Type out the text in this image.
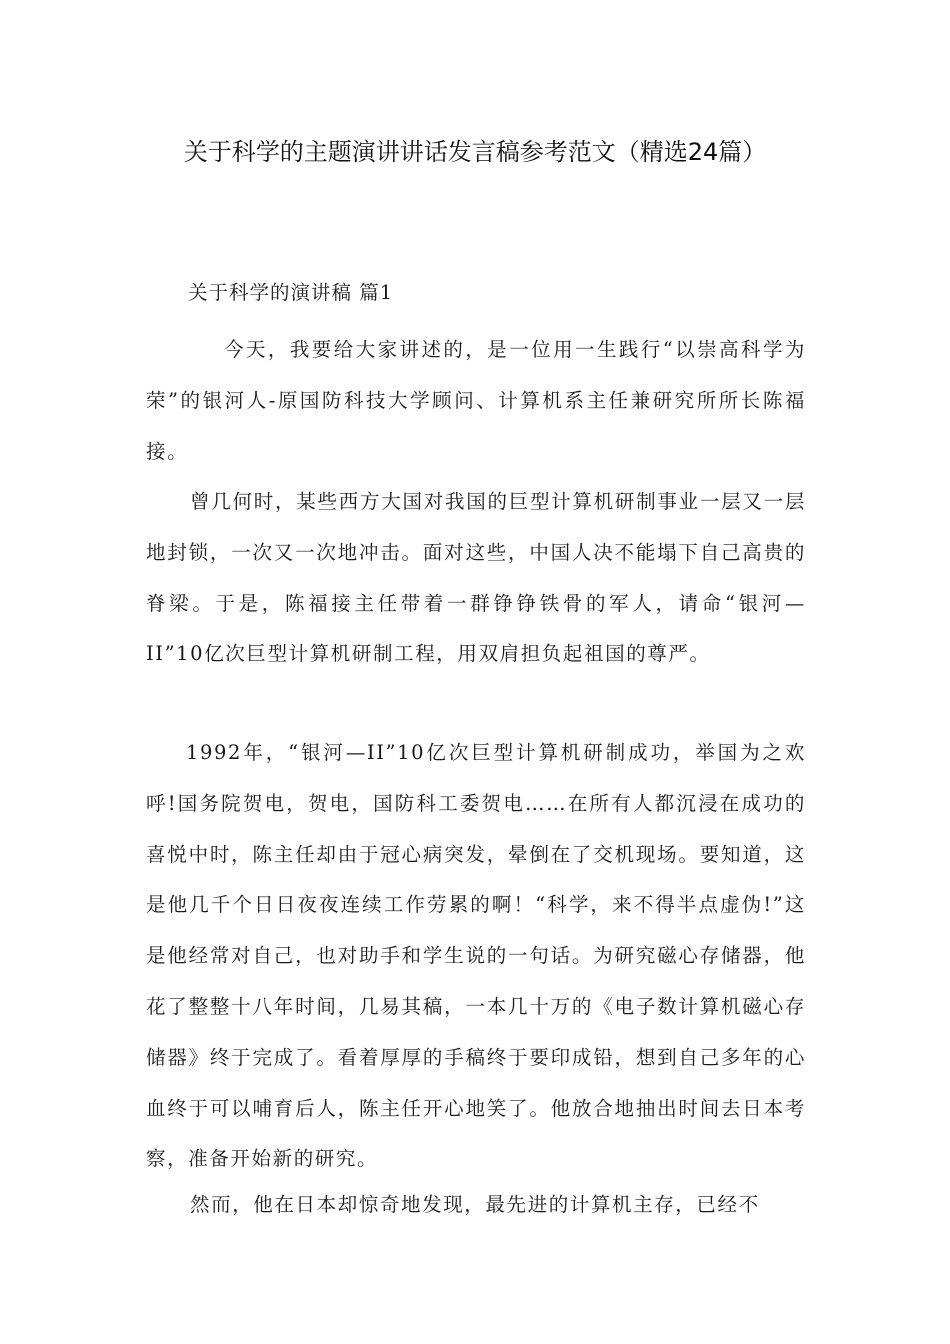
关于科学的主题演讲讲话发言稿参考范文（精选24篇）

关于科学的演讲稿 篇1

今天，我要给大家讲述的，是一位用一生践行“以崇高科学为荣”的银河人-原国防科技大学顾问、计算机系主任兼研究所所长陈福接。

曾几何时，某些西方大国对我国的巨型计算机研制事业一层又一层地封锁，一次又一次地冲击。面对这些，中国人决不能塌下自己高贵的脊梁。于是，陈福接主任带着一群铮铮铁骨的军人，请命“银河—II”10亿次巨型计算机研制工程，用双肩担负起祖国的尊严。

1992年，“银河—II”10亿次巨型计算机研制成功，举国为之欢呼!国务院贺电，贺电，国防科工委贺电……在所有人都沉浸在成功的喜悦中时，陈主任却由于冠心病突发，晕倒在了交机现场。要知道，这是他几千个日日夜夜连续工作劳累的啊！“科学，来不得半点虚伪!”这是他经常对自己，也对助手和学生说的一句话。为研究磁心存储器，他花了整整十八年时间，几易其稿，一本几十万的《电子数计算机磁心存储器》终于完成了。看着厚厚的手稿终于要印成铅，想到自己多年的心血终于可以哺育后人，陈主任开心地笑了。他放合地抽出时间去日本考察，准备开始新的研究。

然而，他在日本却惊奇地发现，最先进的计算机主存，已经不
